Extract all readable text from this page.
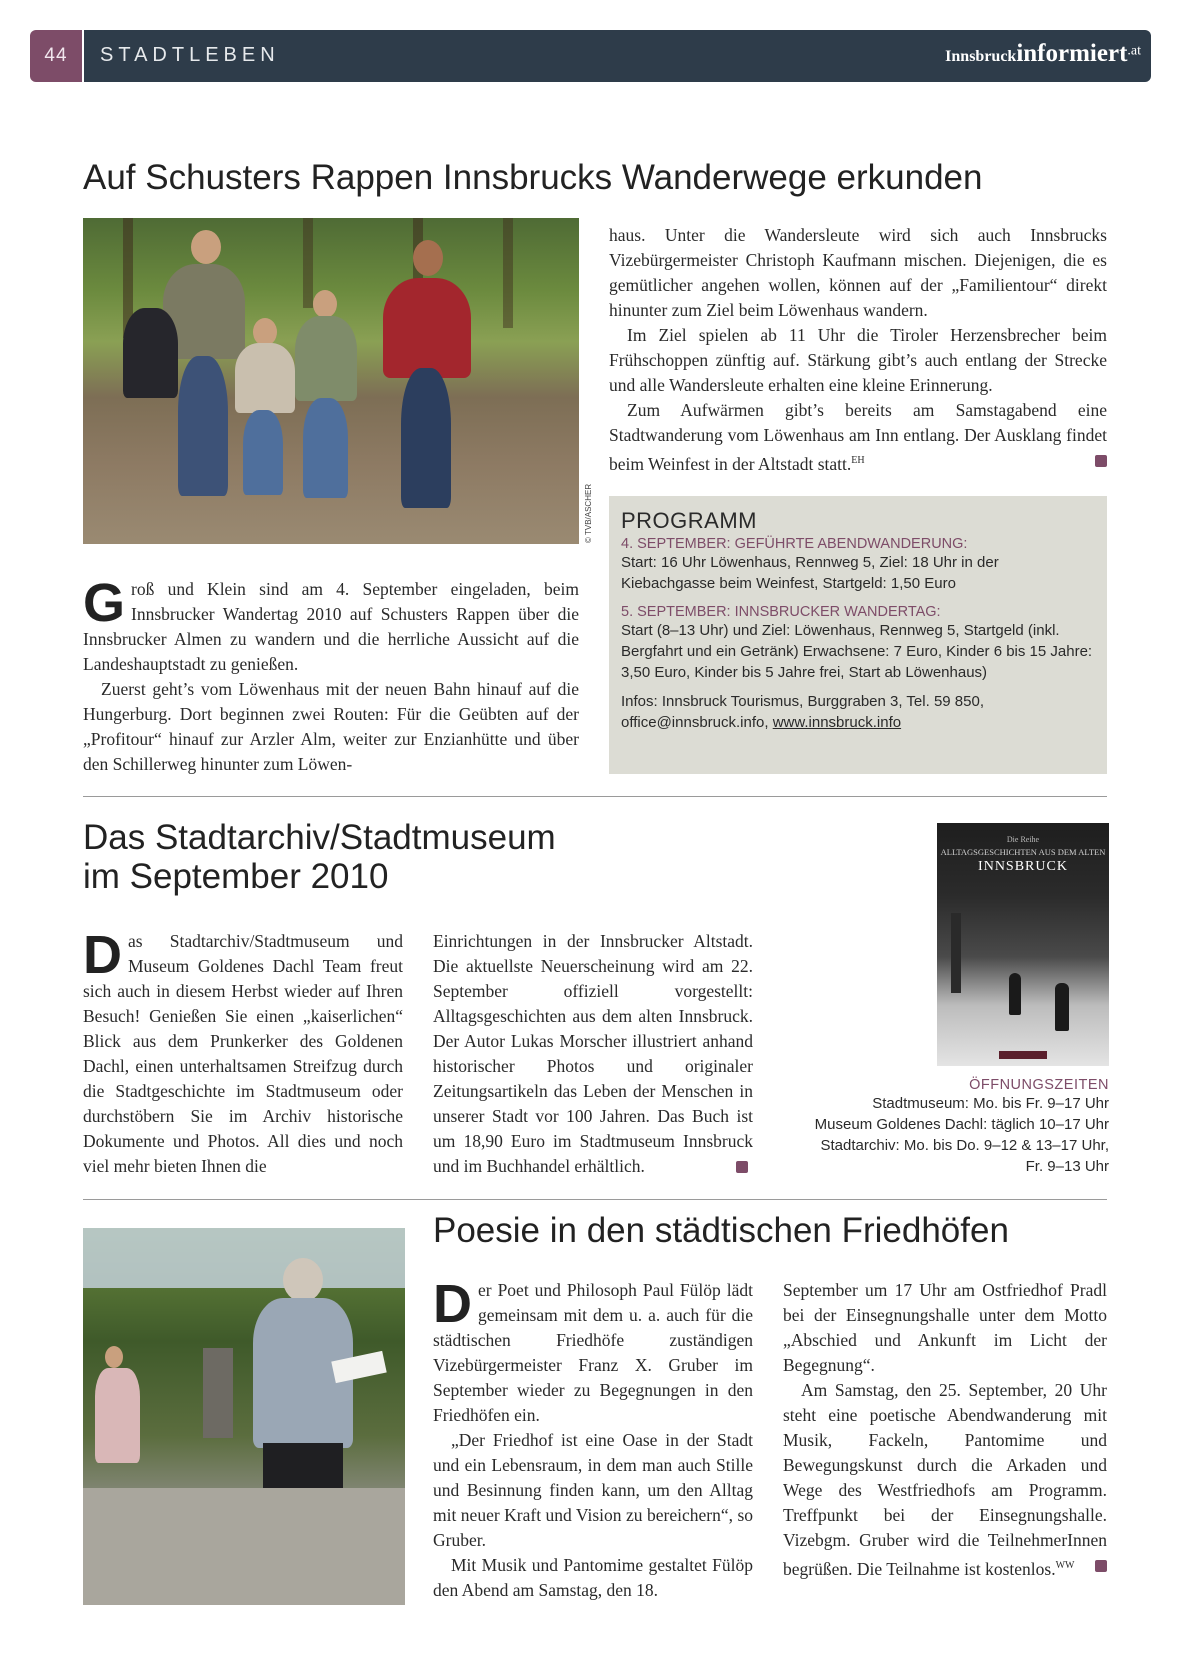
44	STADTLEBEN	Innsbruckinformiert.at
Auf Schusters Rappen Innsbrucks Wanderwege erkunden
© TVB/ASCHER

Groß und Klein sind am 4. September eingeladen, beim Innsbrucker Wandertag 2010 auf Schusters Rappen über die Innsbrucker Almen zu wandern und die herrliche Aussicht auf die Landeshauptstadt zu genießen.

Zuerst geht’s vom Löwenhaus mit der neuen Bahn hinauf auf die Hungerburg. Dort beginnen zwei Routen: Für die Geübten auf der „Profitour“ hinauf zur Arzler Alm, weiter zur Enzianhütte und über den Schillerweg hinunter zum Löwen-

haus. Unter die Wandersleute wird sich auch Innsbrucks Vizebürgermeister Christoph Kaufmann mischen. Diejenigen, die es gemütlicher angehen wollen, können auf der „Familientour“ direkt hinunter zum Ziel beim Löwenhaus wandern.

Im Ziel spielen ab 11 Uhr die Tiroler Herzensbrecher beim Frühschoppen zünftig auf. Stärkung gibt’s auch entlang der Strecke und alle Wandersleute erhalten eine kleine Erinnerung.

Zum Aufwärmen gibt’s bereits am Samstagabend eine Stadtwanderung vom Löwenhaus am Inn entlang. Der Ausklang findet beim Weinfest in der Altstadt statt.$^{EH}$

PROGRAMM
4. SEPTEMBER: GEFÜHRTE ABENDWANDERUNG:
Start: 16 Uhr Löwenhaus, Rennweg 5, Ziel: 18 Uhr in der Kiebachgasse beim Weinfest, Startgeld: 1,50 Euro
5. SEPTEMBER: INNSBRUCKER WANDERTAG:
Start (8–13 Uhr) und Ziel: Löwenhaus, Rennweg 5, Startgeld (inkl. Bergfahrt und ein Getränk) Erwachsene: 7 Euro, Kinder 6 bis 15 Jahre: 3,50 Euro, Kinder bis 5 Jahre frei, Start ab Löwenhaus)
Infos: Innsbruck Tourismus, Burggraben 3, Tel. 59 850,
office@innsbruck.info, www.innsbruck.info
Das Stadtarchiv/Stadtmuseum
im September 2010

Das Stadtarchiv/Stadtmuseum und Museum Goldenes Dachl Team freut sich auch in diesem Herbst wieder auf Ihren Besuch! Genießen Sie einen „kaiserlichen“ Blick aus dem Prunkerker des Goldenen Dachl, einen unterhaltsamen Streifzug durch die Stadtgeschichte im Stadtmuseum oder durchstöbern Sie im Archiv historische Dokumente und Photos. All dies und noch viel mehr bieten Ihnen die

Einrichtungen in der Innsbrucker Altstadt. Die aktuellste Neuerscheinung wird am 22. September offiziell vorgestellt: Alltagsgeschichten aus dem alten Innsbruck. Der Autor Lukas Morscher illustriert anhand historischer Photos und originaler Zeitungsartikeln das Leben der Menschen in unserer Stadt vor 100 Jahren. Das Buch ist um 18,90 Euro im Stadtmuseum Innsbruck und im Buchhandel erhältlich.

Die Reihe
ALLTAGSGESCHICHTEN AUS DEM ALTEN
INNSBRUCK
ÖFFNUNGSZEITEN
Stadtmuseum: Mo. bis Fr. 9–17 Uhr
Museum Goldenes Dachl: täglich 10–17 Uhr
Stadtarchiv: Mo. bis Do. 9–12 & 13–17 Uhr,
Fr. 9–13 Uhr
Poesie in den städtischen Friedhöfen

Der Poet und Philosoph Paul Fülöp lädt gemeinsam mit dem u. a. auch für die städtischen Friedhöfe zuständigen Vizebürgermeister Franz X. Gruber im September wieder zu Begegnungen in den Friedhöfen ein.

„Der Friedhof ist eine Oase in der Stadt und ein Lebensraum, in dem man auch Stille und Besinnung finden kann, um den Alltag mit neuer Kraft und Vision zu bereichern“, so Gruber.

Mit Musik und Pantomime gestaltet Fülöp den Abend am Samstag, den 18.

September um 17 Uhr am Ostfriedhof Pradl bei der Einsegnungshalle unter dem Motto „Abschied und Ankunft im Licht der Begegnung“.

Am Samstag, den 25. September, 20 Uhr steht eine poetische Abendwanderung mit Musik, Fackeln, Pantomime und Bewegungskunst durch die Arkaden und Wege des Westfriedhofs am Programm. Treffpunkt bei der Einsegnungshalle. Vizebgm. Gruber wird die TeilnehmerInnen begrüßen. Die Teilnahme ist kostenlos.$^{WW}$
